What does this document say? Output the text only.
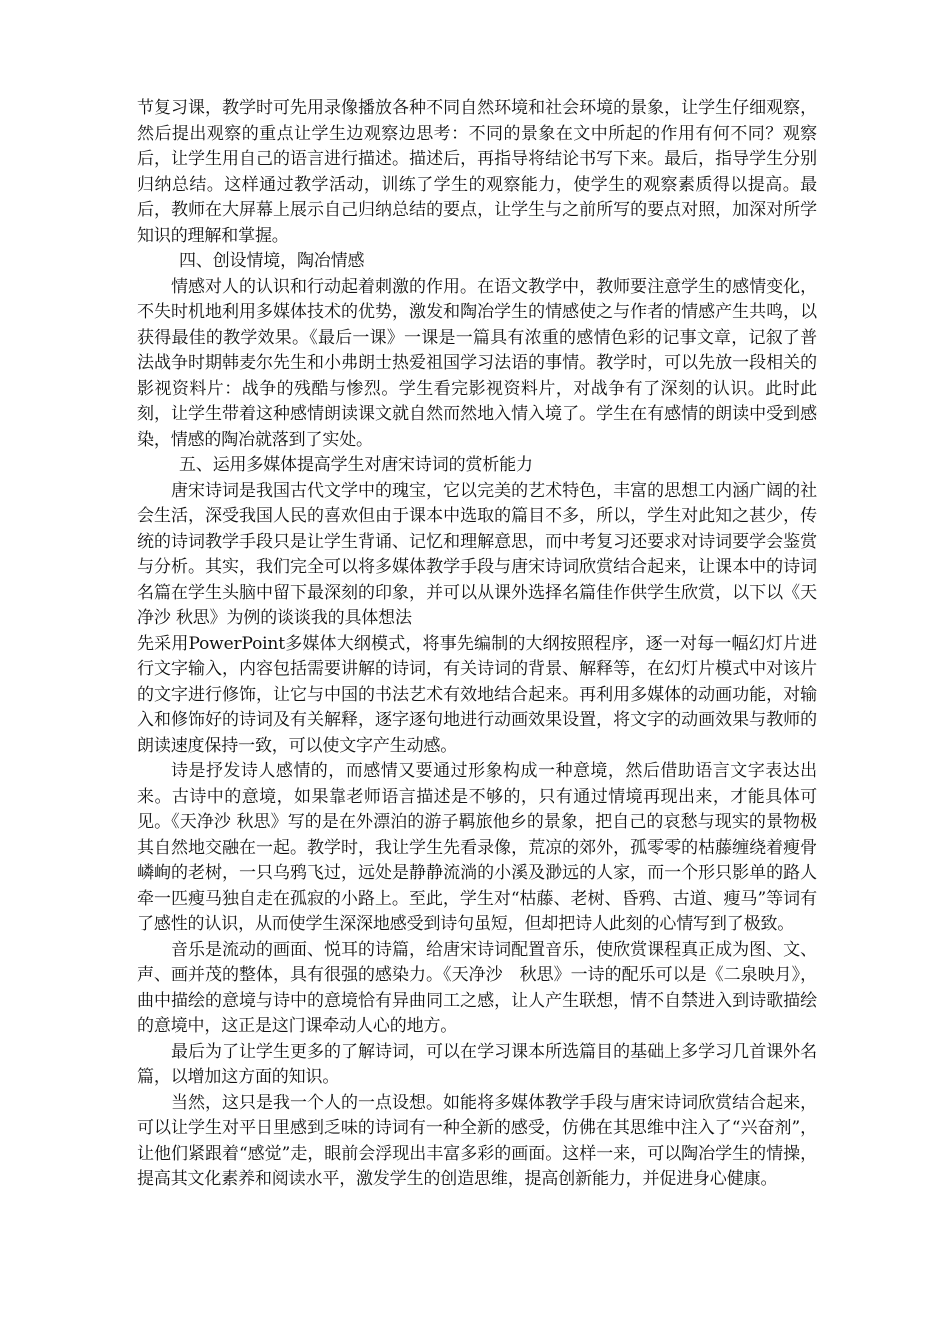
节复习课，教学时可先用录像播放各种不同自然环境和社会环境的景象，让学生仔细观察，然后提出观察的重点让学生边观察边思考：不同的景象在文中所起的作用有何不同？观察后，让学生用自己的语言进行描述。描述后，再指导将结论书写下来。最后，指导学生分别归纳总结。这样通过教学活动，训练了学生的观察能力，使学生的观察素质得以提高。最后，教师在大屏幕上展示自己归纳总结的要点，让学生与之前所写的要点对照，加深对所学知识的理解和掌握。

四、创设情境，陶冶情感

情感对人的认识和行动起着刺激的作用。在语文教学中，教师要注意学生的感情变化，不失时机地利用多媒体技术的优势，激发和陶冶学生的情感使之与作者的情感产生共鸣，以获得最佳的教学效果。《最后一课》一课是一篇具有浓重的感情色彩的记事文章，记叙了普法战争时期韩麦尔先生和小弗朗士热爱祖国学习法语的事情。教学时，可以先放一段相关的影视资料片：战争的残酷与惨烈。学生看完影视资料片，对战争有了深刻的认识。此时此刻，让学生带着这种感情朗读课文就自然而然地入情入境了。学生在有感情的朗读中受到感染，情感的陶冶就落到了实处。

五、运用多媒体提高学生对唐宋诗词的赏析能力

唐宋诗词是我国古代文学中的瑰宝，它以完美的艺术特色，丰富的思想工内涵广阔的社会生活，深受我国人民的喜欢但由于课本中选取的篇目不多，所以，学生对此知之甚少，传统的诗词教学手段只是让学生背诵、记忆和理解意思，而中考复习还要求对诗词要学会鉴赏与分析。其实，我们完全可以将多媒体教学手段与唐宋诗词欣赏结合起来，让课本中的诗词名篇在学生头脑中留下最深刻的印象，并可以从课外选择名篇佳作供学生欣赏，以下以《天净沙 秋思》为例的谈谈我的具体想法

先采用PowerPoint多媒体大纲模式，将事先编制的大纲按照程序，逐一对每一幅幻灯片进行文字输入，内容包括需要讲解的诗词，有关诗词的背景、解释等，在幻灯片模式中对该片的文字进行修饰，让它与中国的书法艺术有效地结合起来。再利用多媒体的动画功能，对输入和修饰好的诗词及有关解释，逐字逐句地进行动画效果设置，将文字的动画效果与教师的朗读速度保持一致，可以使文字产生动感。

诗是抒发诗人感情的，而感情又要通过形象构成一种意境，然后借助语言文字表达出来。古诗中的意境，如果靠老师语言描述是不够的，只有通过情境再现出来，才能具体可见。《天净沙 秋思》写的是在外漂泊的游子羁旅他乡的景象，把自己的哀愁与现实的景物极其自然地交融在一起。教学时，我让学生先看录像，荒凉的郊外，孤零零的枯藤缠绕着瘦骨嶙峋的老树，一只乌鸦飞过，远处是静静流淌的小溪及渺远的人家，而一个形只影单的路人牵一匹瘦马独自走在孤寂的小路上。至此，学生对“枯藤、老树、昏鸦、古道、瘦马”等词有了感性的认识，从而使学生深深地感受到诗句虽短，但却把诗人此刻的心情写到了极致。

音乐是流动的画面、悦耳的诗篇，给唐宋诗词配置音乐，使欣赏课程真正成为图、文、声、画并茂的整体，具有很强的感染力。《天净沙　秋思》一诗的配乐可以是《二泉映月》，曲中描绘的意境与诗中的意境恰有异曲同工之感，让人产生联想，情不自禁进入到诗歌描绘的意境中，这正是这门课牵动人心的地方。

最后为了让学生更多的了解诗词，可以在学习课本所选篇目的基础上多学习几首课外名篇，以增加这方面的知识。

当然，这只是我一个人的一点设想。如能将多媒体教学手段与唐宋诗词欣赏结合起来，可以让学生对平日里感到乏味的诗词有一种全新的感受，仿佛在其思维中注入了“兴奋剂”，让他们紧跟着“感觉”走，眼前会浮现出丰富多彩的画面。这样一来，可以陶冶学生的情操，提高其文化素养和阅读水平，激发学生的创造思维，提高创新能力，并促进身心健康。
